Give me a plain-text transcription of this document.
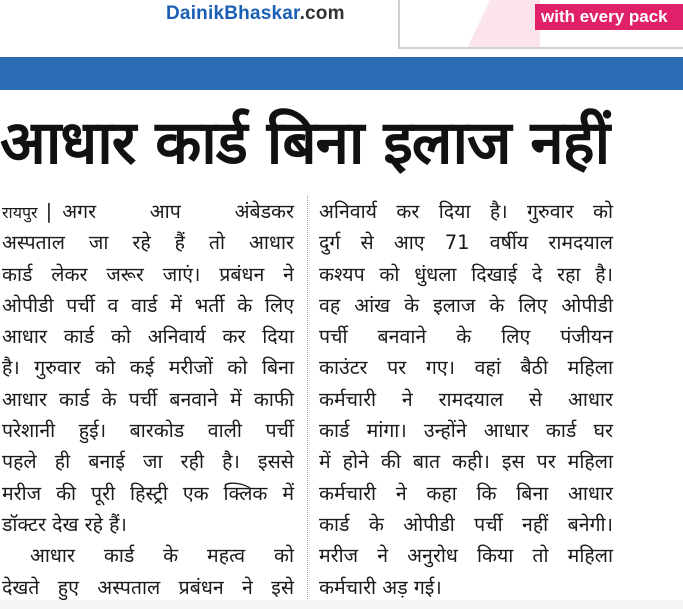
DainikBhaskar.com	with every pack
आधार कार्ड बिना इलाज नहीं
रायपुर | अगर आप अंबेडकर
अस्पताल जा रहे हैं तो आधार
कार्ड लेकर जरूर जाएं। प्रबंधन ने
ओपीडी पर्ची व वार्ड में भर्ती के लिए
आधार कार्ड को अनिवार्य कर दिया
है। गुरुवार को कई मरीजों को बिना
आधार कार्ड के पर्ची बनवाने में काफी
परेशानी हुई। बारकोड वाली पर्ची
पहले ही बनाई जा रही है। इससे
मरीज की पूरी हिस्ट्री एक क्लिक में
डॉक्टर देख रहे हैं।
आधार कार्ड के महत्व को
देखते हुए अस्पताल प्रबंधन ने इसे
अनिवार्य कर दिया है। गुरुवार को
दुर्ग से आए 71 वर्षीय रामदयाल
कश्यप को धुंधला दिखाई दे रहा है।
वह आंख के इलाज के लिए ओपीडी
पर्ची बनवाने के लिए पंजीयन
काउंटर पर गए। वहां बैठी महिला
कर्मचारी ने रामदयाल से आधार
कार्ड मांगा। उन्होंने आधार कार्ड घर
में होने की बात कही। इस पर महिला
कर्मचारी ने कहा कि बिना आधार
कार्ड के ओपीडी पर्ची नहीं बनेगी।
मरीज ने अनुरोध किया तो महिला
कर्मचारी अड़ गई।
